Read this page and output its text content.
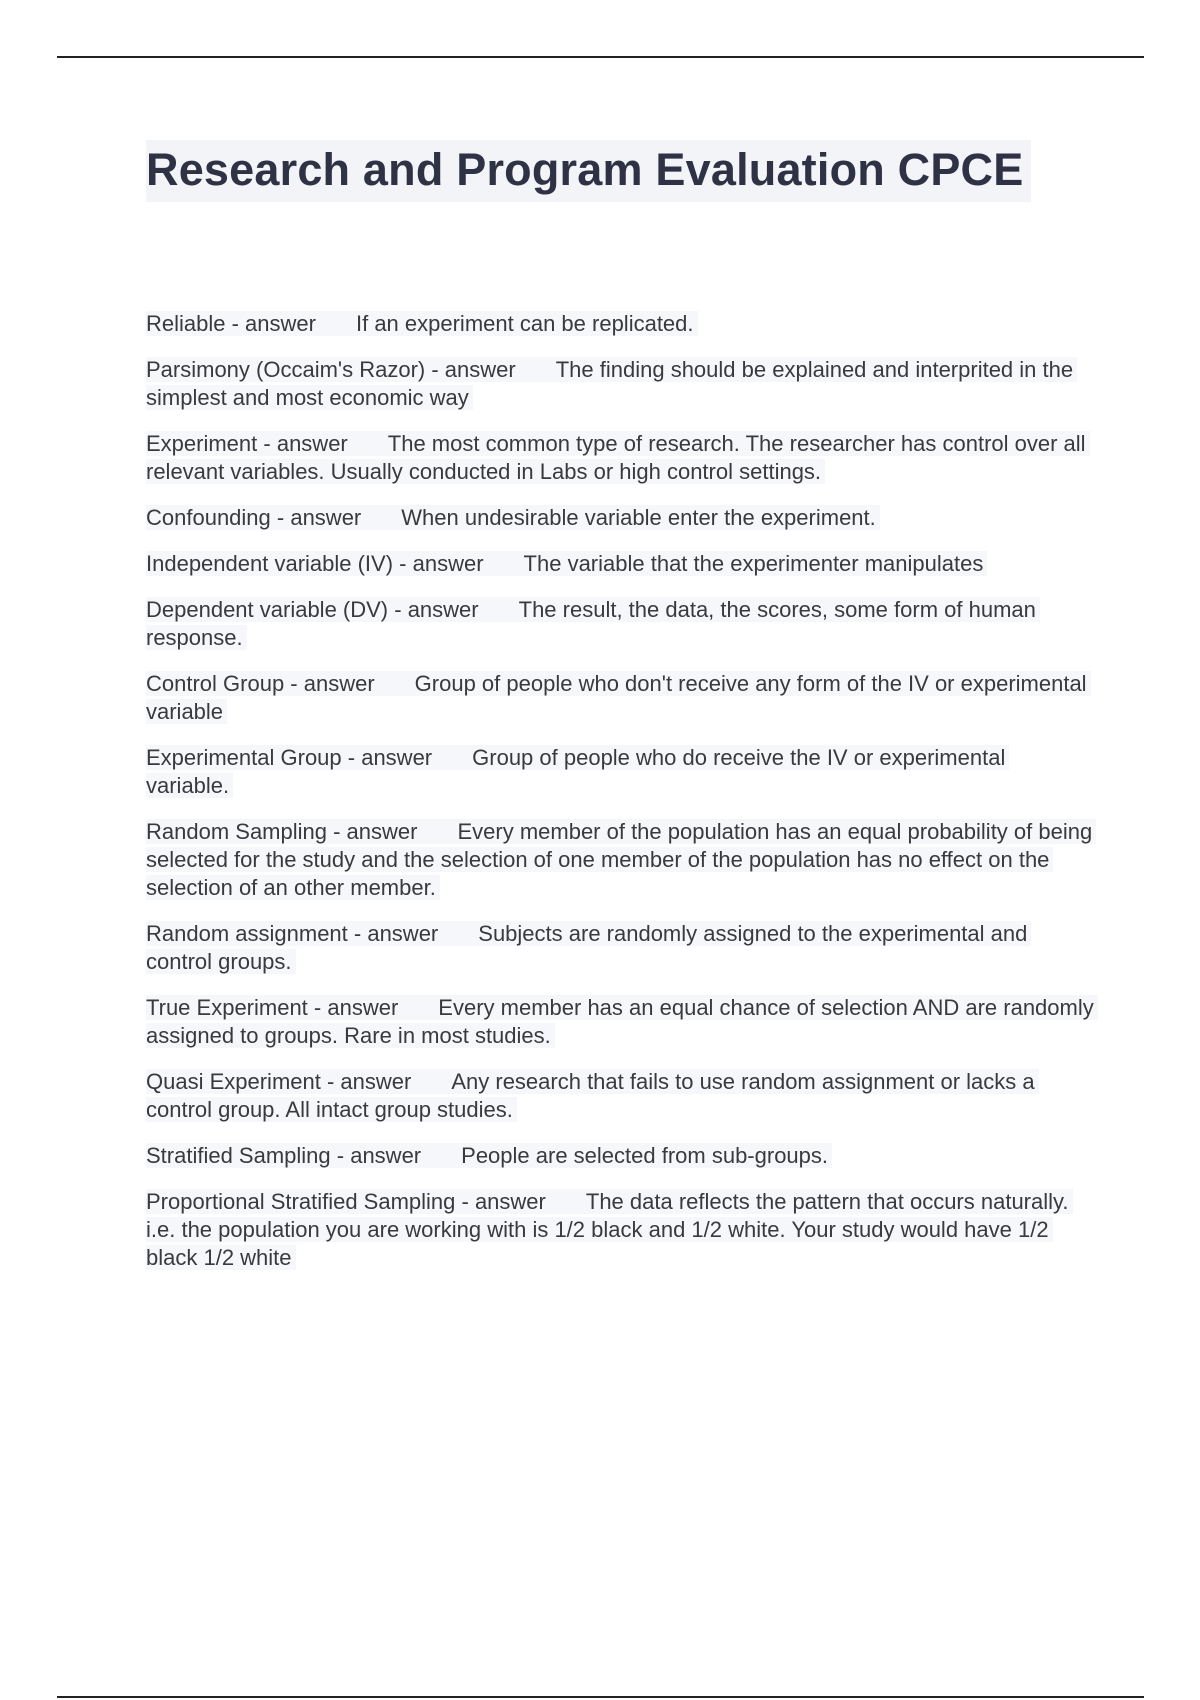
Research and Program Evaluation CPCE

Reliable - answer If an experiment can be replicated.

Parsimony (Occaim's Razor) - answer The finding should be explained and interprited in the simplest and most economic way

Experiment - answer The most common type of research. The researcher has control over all relevant variables. Usually conducted in Labs or high control settings.

Confounding - answer When undesirable variable enter the experiment.

Independent variable (IV) - answer The variable that the experimenter manipulates

Dependent variable (DV) - answer The result, the data, the scores, some form of human response.

Control Group - answer Group of people who don't receive any form of the IV or experimental variable

Experimental Group - answer Group of people who do receive the IV or experimental variable.

Random Sampling - answer Every member of the population has an equal probability of being selected for the study and the selection of one member of the population has no effect on the selection of an other member.

Random assignment - answer Subjects are randomly assigned to the experimental and control groups.

True Experiment - answer Every member has an equal chance of selection AND are randomly assigned to groups. Rare in most studies.

Quasi Experiment - answer Any research that fails to use random assignment or lacks a control group. All intact group studies.

Stratified Sampling - answer People are selected from sub-groups.

Proportional Stratified Sampling - answer The data reflects the pattern that occurs naturally. i.e. the population you are working with is 1/2 black and 1/2 white. Your study would have 1/2 black 1/2 white
